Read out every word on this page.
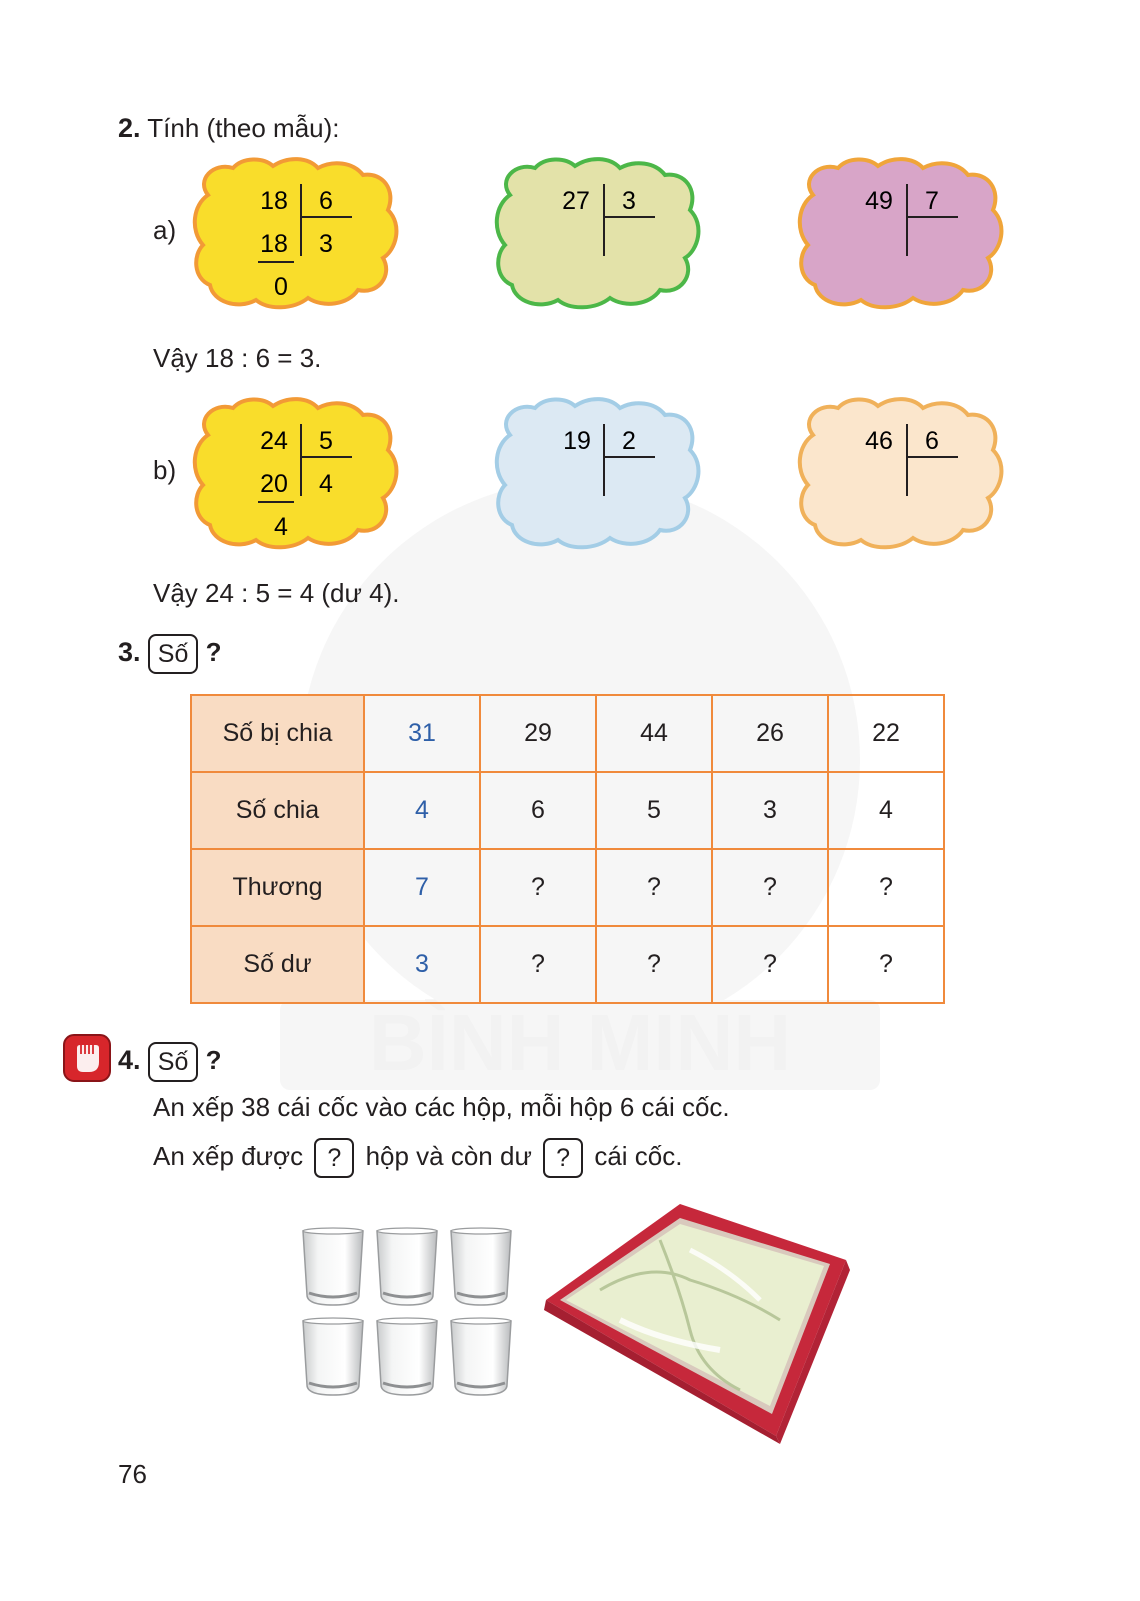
BÌNH MINH
2. Tính (theo mẫu):
a)
b)
18 6
18 3
0
27 3	49 7
24 5
20 4
4
19 2	46 6
Vậy 18 : 6 = 3.
Vậy 24 : 5 = 4 (dư 4).
3. Số ?
Số bị chia	31	29	44	26	22
Số chia	4	6	5	3	4
Thương	7	?	?	?	?
Số dư	3	?	?	?	?
4. Số ?
An xếp 38 cái cốc vào các hộp, mỗi hộp 6 cái cốc.
An xếp được ? hộp và còn dư ? cái cốc.
76
